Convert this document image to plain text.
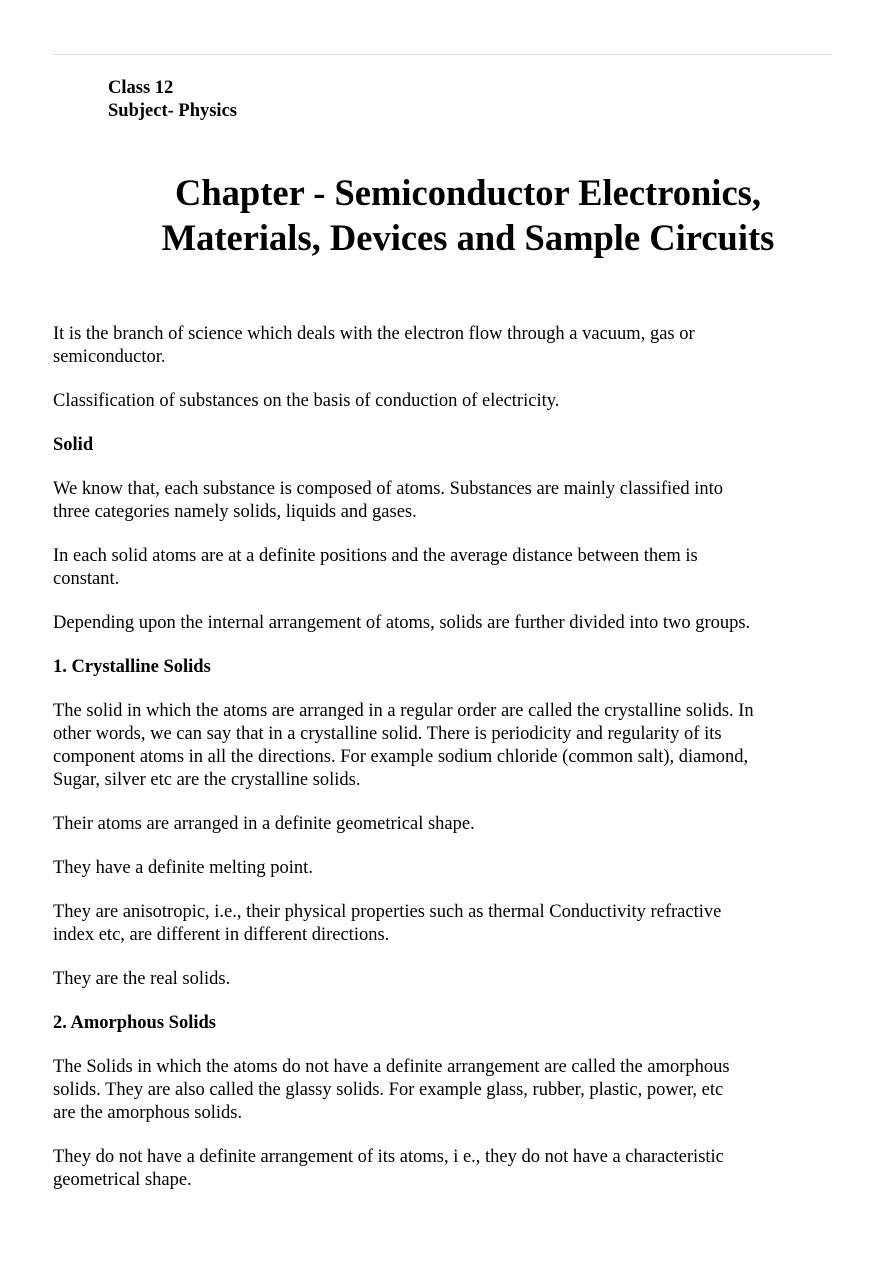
Class 12
Subject- Physics
Chapter - Semiconductor Electronics,
Materials, Devices and Sample Circuits

It is the branch of science which deals with the electron flow through a vacuum, gas or
semiconductor.

Classification of substances on the basis of conduction of electricity.

Solid

We know that, each substance is composed of atoms. Substances are mainly classified into
three categories namely solids, liquids and gases.

In each solid atoms are at a definite positions and the average distance between them is
constant.

Depending upon the internal arrangement of atoms, solids are further divided into two groups.

1. Crystalline Solids

The solid in which the atoms are arranged in a regular order are called the crystalline solids. In
other words, we can say that in a crystalline solid. There is periodicity and regularity of its
component atoms in all the directions. For example sodium chloride (common salt), diamond,
Sugar, silver etc are the crystalline solids.

Their atoms are arranged in a definite geometrical shape.

They have a definite melting point.

They are anisotropic, i.e., their physical properties such as thermal Conductivity refractive
index etc, are different in different directions.

They are the real solids.

2. Amorphous Solids

The Solids in which the atoms do not have a definite arrangement are called the amorphous
solids. They are also called the glassy solids. For example glass, rubber, plastic, power, etc
are the amorphous solids.

They do not have a definite arrangement of its atoms, i e., they do not have a characteristic
geometrical shape.
